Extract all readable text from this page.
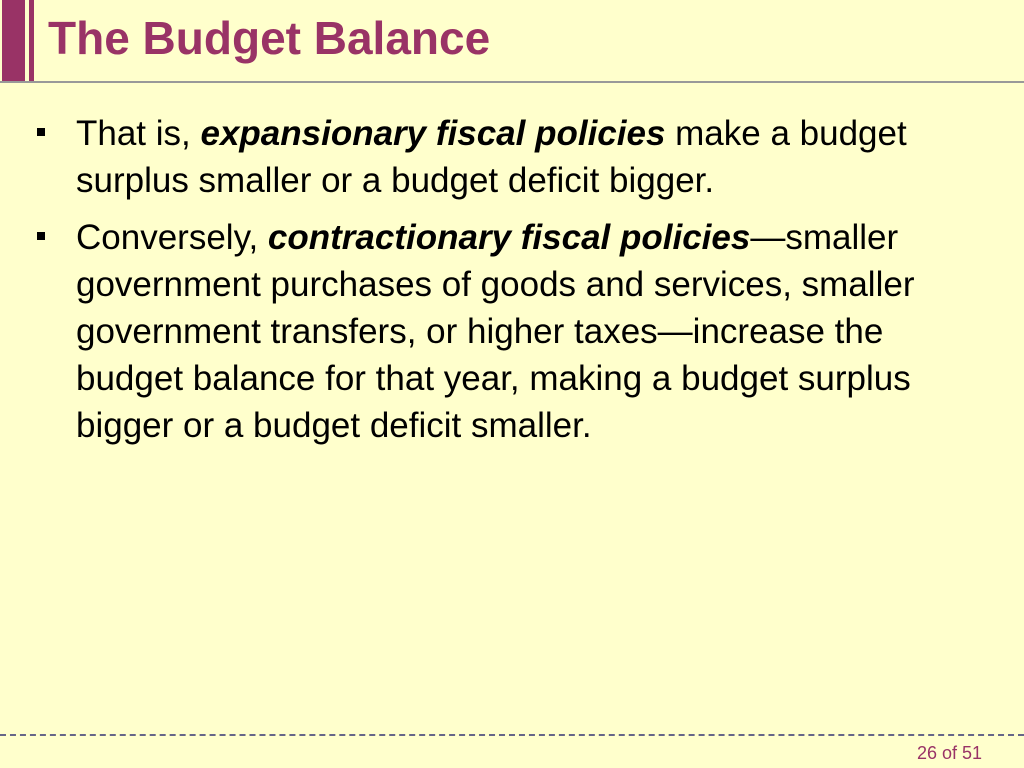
The Budget Balance
That is, expansionary fiscal policies make a budget surplus smaller or a budget deficit bigger.
Conversely, contractionary fiscal policies—smaller government purchases of goods and services, smaller government transfers, or higher taxes—increase the budget balance for that year, making a budget surplus bigger or a budget deficit smaller.
26 of 51
